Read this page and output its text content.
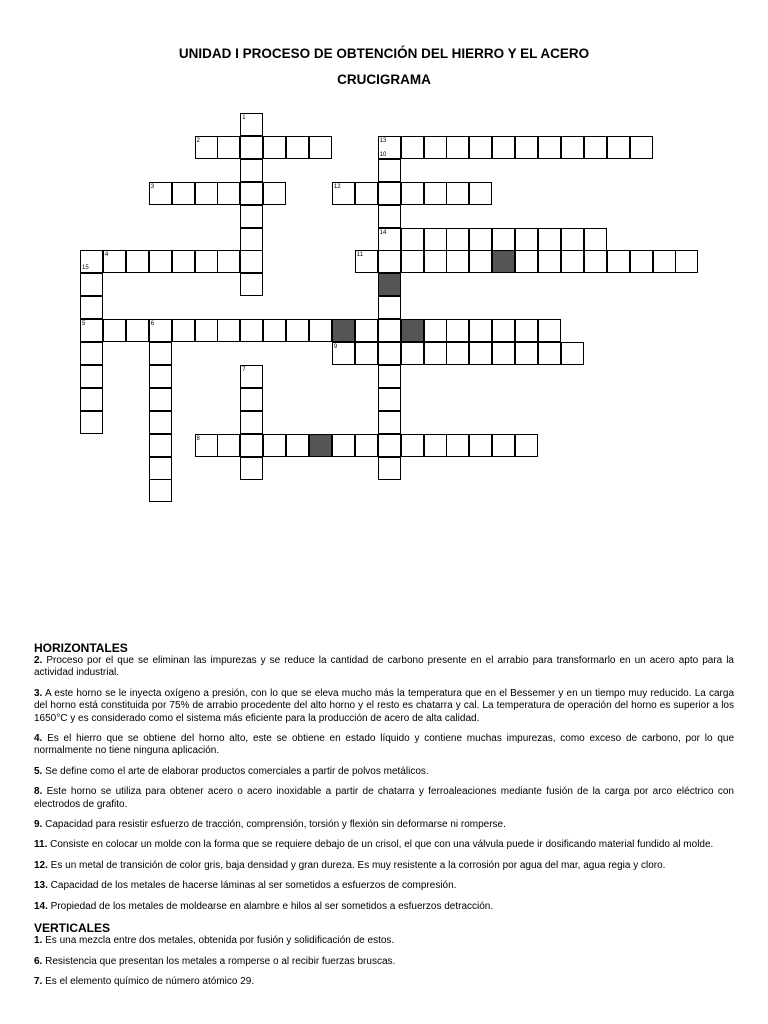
UNIDAD I PROCESO DE OBTENCIÓN DEL HIERRO Y EL ACERO
CRUCIGRAMA
1
2	13
10
3	12
14
4	11
15
5	6
9
7
8
HORIZONTALES
2. Proceso por el que se eliminan las impurezas y se reduce la cantidad de carbono presente en el arrabio para transformarlo en un acero apto para la actividad industrial.
3. A este horno se le inyecta oxígeno a presión, con lo que se eleva mucho más la temperatura que en el Bessemer y en un tiempo muy reducido. La carga del horno está constituida por 75% de arrabio procedente del alto horno y el resto es chatarra y cal. La temperatura de operación del horno es superior a los 1650°C y es considerado como el sistema más eficiente para la producción de acero de alta calidad.
4. Es el hierro que se obtiene del horno alto, este se obtiene en estado líquido y contiene muchas impurezas, como exceso de carbono, por lo que normalmente no tiene ninguna aplicación.
5. Se define como el arte de elaborar productos comerciales a partir de polvos metálicos.
8. Este horno se utiliza para obtener acero o acero inoxidable a partir de chatarra y ferroaleaciones mediante fusión de la carga por arco eléctrico con electrodos de grafito.
9. Capacidad para resistir esfuerzo de tracción, comprensión, torsión y flexión sin deformarse ni romperse.
11. Consiste en colocar un molde con la forma que se requiere debajo de un crisol, el que con una válvula puede ir dosificando material fundido al molde.
12. Es un metal de transición de color gris, baja densidad y gran dureza. Es muy resistente a la corrosión por agua del mar, agua regia y cloro.
13. Capacidad de los metales de hacerse láminas al ser sometidos a esfuerzos de compresión.
14. Propiedad de los metales de moldearse en alambre e hilos al ser sometidos a esfuerzos detracción.
VERTICALES
1. Es una mezcla entre dos metales, obtenida por fusión y solidificación de estos.
6. Resistencia que presentan los metales a romperse o al recibir fuerzas bruscas.
7. Es el elemento químico de número atómico 29.
